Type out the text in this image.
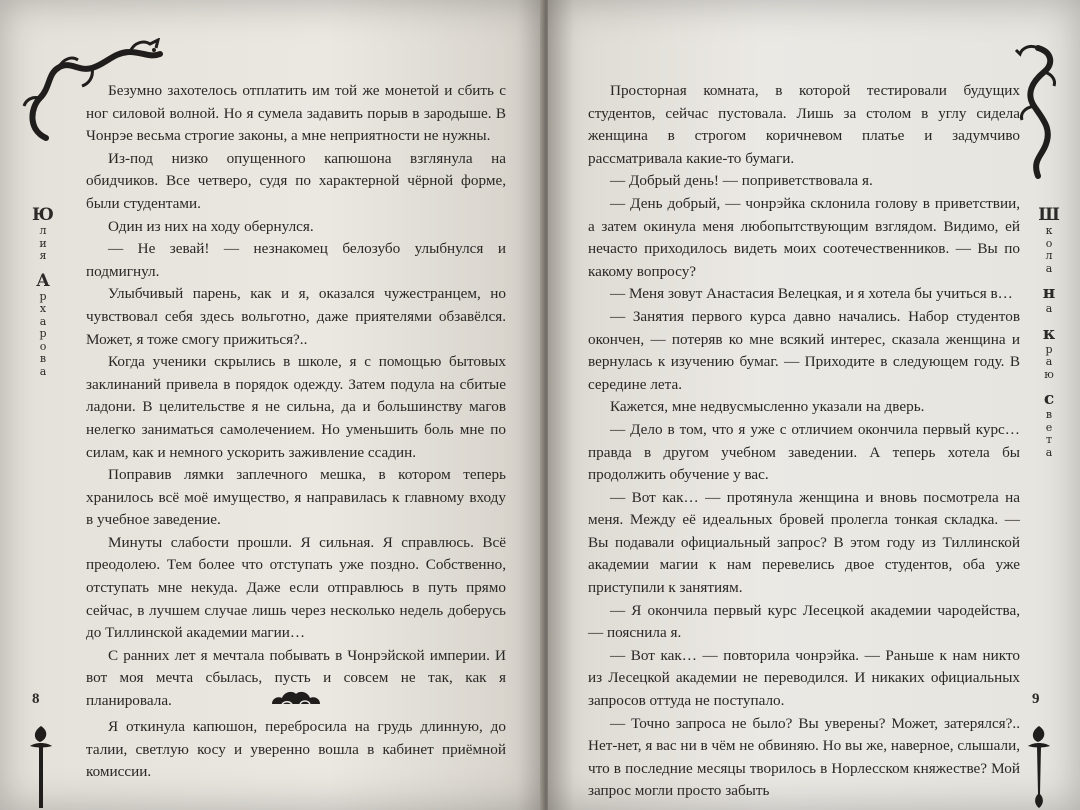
Ю
л
и
я
А
р
х
а
р
о
в
а

Безумно захотелось отплатить им той же монетой и сбить с ног силовой волной. Но я сумела задавить порыв в зародыше. В Чонрэе весьма строгие законы, а мне неприятности не нужны.

Из-под низко опущенного капюшона взглянула на обидчиков. Все четверо, судя по характерной чёрной форме, были студентами.

Один из них на ходу обернулся.

— Не зевай! — незнакомец белозубо улыбнулся и подмигнул.

Улыбчивый парень, как и я, оказался чужестранцем, но чувствовал себя здесь вольготно, даже приятелями обзавёлся. Может, я тоже смогу прижиться?..

Когда ученики скрылись в школе, я с помощью бытовых заклинаний привела в порядок одежду. Затем подула на сбитые ладони. В целительстве я не сильна, да и большинству магов нелегко заниматься самолечением. Но уменьшить боль мне по силам, как и немного ускорить заживление ссадин.

Поправив лямки заплечного мешка, в котором теперь хранилось всё моё имущество, я направилась к главному входу в учебное заведение.

Минуты слабости прошли. Я сильная. Я справлюсь. Всё преодолею. Тем более что отступать уже поздно. Собственно, отступать мне некуда. Даже если отправлюсь в путь прямо сейчас, в лучшем случае лишь через несколько недель доберусь до Тиллинской академии магии…

С ранних лет я мечтала побывать в Чонрэйской империи. И вот моя мечта сбылась, пусть и совсем не так, как я планировала.

Я откинула капюшон, перебросила на грудь длинную, до талии, светлую косу и уверенно вошла в кабинет приёмной комиссии.

8
Ш
к
о
л
а
н
а
к
р
а
ю
с
в
е
т
а

Просторная комната, в которой тестировали будущих студентов, сейчас пустовала. Лишь за столом в углу сидела женщина в строгом коричневом платье и задумчиво рассматривала какие-то бумаги.

— Добрый день! — поприветствовала я.

— День добрый, — чонрэйка склонила голову в приветствии, а затем окинула меня любопытствующим взглядом. Видимо, ей нечасто приходилось видеть моих соотечественников. — Вы по какому вопросу?

— Меня зовут Анастасия Велецкая, и я хотела бы учиться в…

— Занятия первого курса давно начались. Набор студентов окончен, — потеряв ко мне всякий интерес, сказала женщина и вернулась к изучению бумаг. — Приходите в следующем году. В середине лета.

Кажется, мне недвусмысленно указали на дверь.

— Дело в том, что я уже с отличием окончила первый курс… правда в другом учебном заведении. А теперь хотела бы продолжить обучение у вас.

— Вот как… — протянула женщина и вновь посмотрела на меня. Между её идеальных бровей пролегла тонкая складка. — Вы подавали официальный запрос? В этом году из Тиллинской академии магии к нам перевелись двое студентов, оба уже приступили к занятиям.

— Я окончила первый курс Лесецкой академии чародейства, — пояснила я.

— Вот как… — повторила чонрэйка. — Раньше к нам никто из Лесецкой академии не переводился. И никаких официальных запросов оттуда не поступало.

— Точно запроса не было? Вы уверены? Может, затерялся?.. Нет-нет, я вас ни в чём не обвиняю. Но вы же, наверное, слышали, что в последние месяцы творилось в Норлесском княжестве? Мой запрос могли просто забыть

9
